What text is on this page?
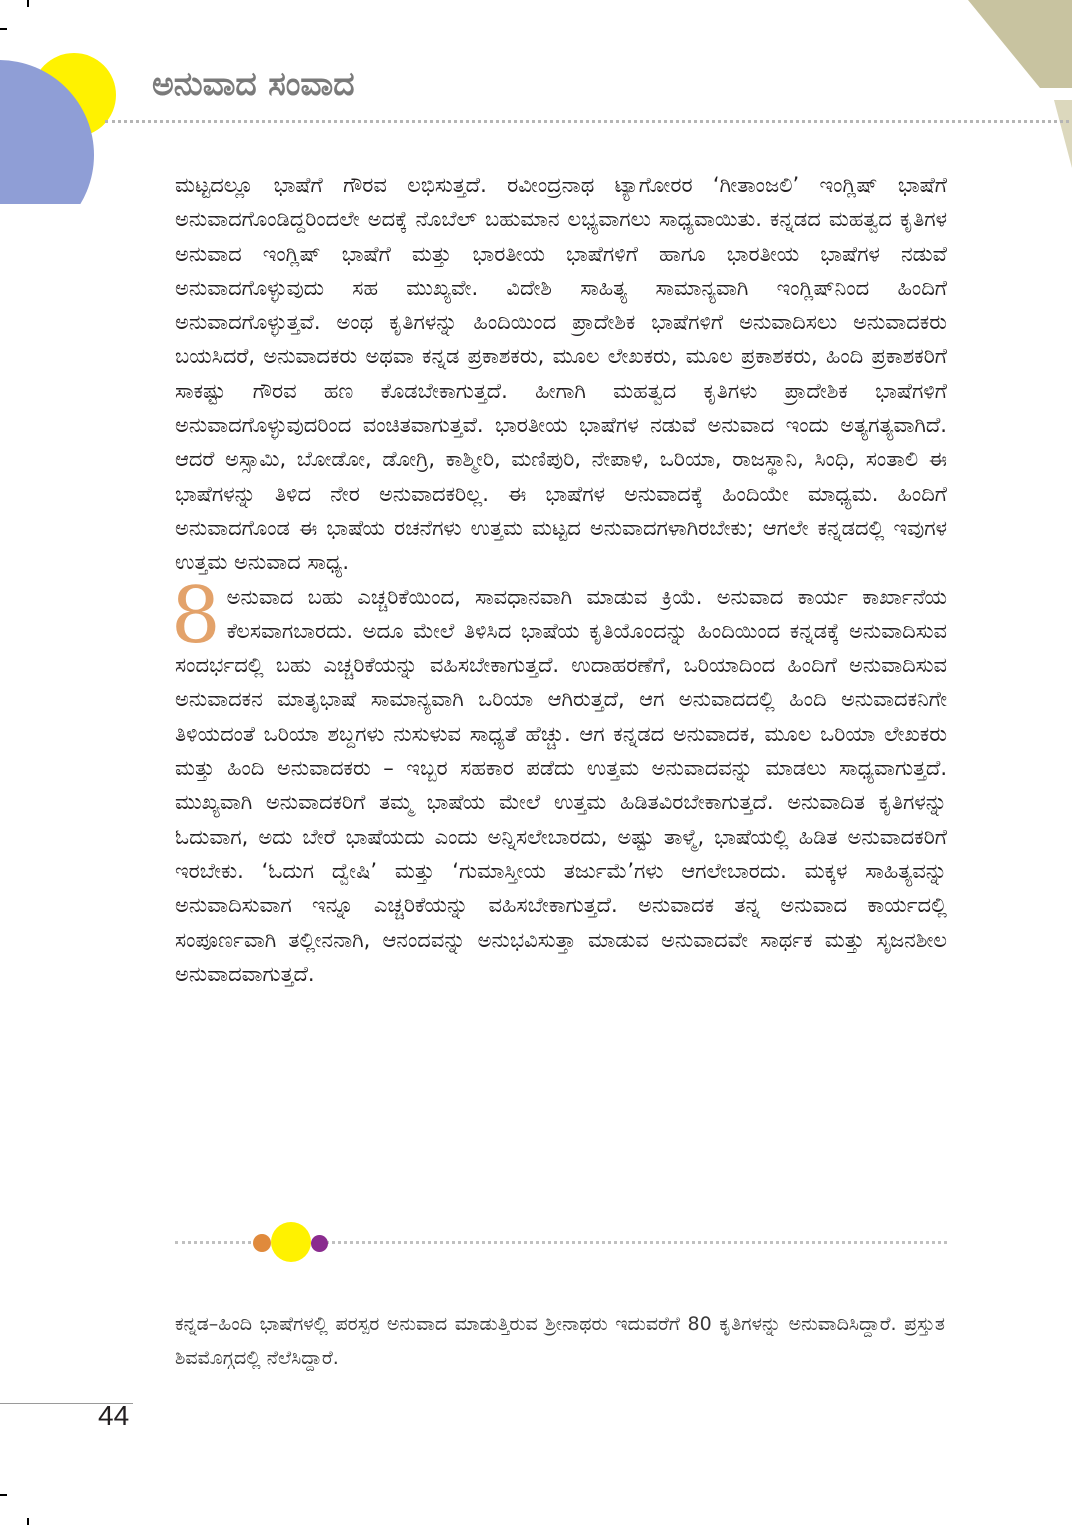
ಅನುವಾದ ಸಂವಾದ

ಮಟ್ಟದಲ್ಲೂ ಭಾಷೆಗೆ ಗೌರವ ಲಭಿಸುತ್ತದೆ. ರವೀಂದ್ರನಾಥ ಟ್ಯಾಗೋರರ ‘ಗೀತಾಂಜಲಿ’ ಇಂಗ್ಲಿಷ್ ಭಾಷೆಗೆ ಅನುವಾದಗೊಂಡಿದ್ದರಿಂದಲೇ ಅದಕ್ಕೆ ನೊಬೆಲ್ ಬಹುಮಾನ ಲಭ್ಯವಾಗಲು ಸಾಧ್ಯವಾಯಿತು. ಕನ್ನಡದ ಮಹತ್ವದ ಕೃತಿಗಳ ಅನುವಾದ ಇಂಗ್ಲಿಷ್ ಭಾಷೆಗೆ ಮತ್ತು ಭಾರತೀಯ ಭಾಷೆಗಳಿಗೆ ಹಾಗೂ ಭಾರತೀಯ ಭಾಷೆಗಳ ನಡುವೆ ಅನುವಾದಗೊಳ್ಳುವುದು ಸಹ ಮುಖ್ಯವೇ. ವಿದೇಶಿ ಸಾಹಿತ್ಯ ಸಾಮಾನ್ಯವಾಗಿ ಇಂಗ್ಲಿಷ್‌ನಿಂದ ಹಿಂದಿಗೆ ಅನುವಾದಗೊಳ್ಳುತ್ತವೆ. ಅಂಥ ಕೃತಿಗಳನ್ನು ಹಿಂದಿಯಿಂದ ಪ್ರಾದೇಶಿಕ ಭಾಷೆಗಳಿಗೆ ಅನುವಾದಿಸಲು ಅನುವಾದಕರು ಬಯಸಿದರೆ, ಅನುವಾದಕರು ಅಥವಾ ಕನ್ನಡ ಪ್ರಕಾಶಕರು, ಮೂಲ ಲೇಖಕರು, ಮೂಲ ಪ್ರಕಾಶಕರು, ಹಿಂದಿ ಪ್ರಕಾಶಕರಿಗೆ ಸಾಕಷ್ಟು ಗೌರವ ಹಣ ಕೊಡಬೇಕಾಗುತ್ತದೆ. ಹೀಗಾಗಿ ಮಹತ್ವದ ಕೃತಿಗಳು ಪ್ರಾದೇಶಿಕ ಭಾಷೆಗಳಿಗೆ ಅನುವಾದಗೊಳ್ಳುವುದರಿಂದ ವಂಚಿತವಾಗುತ್ತವೆ. ಭಾರತೀಯ ಭಾಷೆಗಳ ನಡುವೆ ಅನುವಾದ ಇಂದು ಅತ್ಯಗತ್ಯವಾಗಿದೆ. ಆದರೆ ಅಸ್ಸಾಮಿ, ಬೋಡೋ, ಡೋಗ್ರಿ, ಕಾಶ್ಮೀರಿ, ಮಣಿಪುರಿ, ನೇಪಾಳಿ, ಒರಿಯಾ, ರಾಜಸ್ಥಾನಿ, ಸಿಂಧಿ, ಸಂತಾಲಿ ಈ ಭಾಷೆಗಳನ್ನು ತಿಳಿದ ನೇರ ಅನುವಾದಕರಿಲ್ಲ. ಈ ಭಾಷೆಗಳ ಅನುವಾದಕ್ಕೆ ಹಿಂದಿಯೇ ಮಾಧ್ಯಮ. ಹಿಂದಿಗೆ ಅನುವಾದಗೊಂಡ ಈ ಭಾಷೆಯ ರಚನೆಗಳು ಉತ್ತಮ ಮಟ್ಟದ ಅನುವಾದಗಳಾಗಿರಬೇಕು; ಆಗಲೇ ಕನ್ನಡದಲ್ಲಿ ಇವುಗಳ ಉತ್ತಮ ಅನುವಾದ ಸಾಧ್ಯ.

8 ಅನುವಾದ ಬಹು ಎಚ್ಚರಿಕೆಯಿಂದ, ಸಾವಧಾನವಾಗಿ ಮಾಡುವ ಕ್ರಿಯೆ. ಅನುವಾದ ಕಾರ್ಯ ಕಾರ್ಖಾನೆಯ ಕೆಲಸವಾಗಬಾರದು. ಅದೂ ಮೇಲೆ ತಿಳಿಸಿದ ಭಾಷೆಯ ಕೃತಿಯೊಂದನ್ನು ಹಿಂದಿಯಿಂದ ಕನ್ನಡಕ್ಕೆ ಅನುವಾದಿಸುವ ಸಂದರ್ಭದಲ್ಲಿ ಬಹು ಎಚ್ಚರಿಕೆಯನ್ನು ವಹಿಸಬೇಕಾಗುತ್ತದೆ. ಉದಾಹರಣೆಗೆ, ಒರಿಯಾದಿಂದ ಹಿಂದಿಗೆ ಅನುವಾದಿಸುವ ಅನುವಾದಕನ ಮಾತೃಭಾಷೆ ಸಾಮಾನ್ಯವಾಗಿ ಒರಿಯಾ ಆಗಿರುತ್ತದೆ, ಆಗ ಅನುವಾದದಲ್ಲಿ ಹಿಂದಿ ಅನುವಾದಕನಿಗೇ ತಿಳಿಯದಂತೆ ಒರಿಯಾ ಶಬ್ದಗಳು ನುಸುಳುವ ಸಾಧ್ಯತೆ ಹೆಚ್ಚು. ಆಗ ಕನ್ನಡದ ಅನುವಾದಕ, ಮೂಲ ಒರಿಯಾ ಲೇಖಕರು ಮತ್ತು ಹಿಂದಿ ಅನುವಾದಕರು – ಇಬ್ಬರ ಸಹಕಾರ ಪಡೆದು ಉತ್ತಮ ಅನುವಾದವನ್ನು ಮಾಡಲು ಸಾಧ್ಯವಾಗುತ್ತದೆ. ಮುಖ್ಯವಾಗಿ ಅನುವಾದಕರಿಗೆ ತಮ್ಮ ಭಾಷೆಯ ಮೇಲೆ ಉತ್ತಮ ಹಿಡಿತವಿರಬೇಕಾಗುತ್ತದೆ. ಅನುವಾದಿತ ಕೃತಿಗಳನ್ನು ಓದುವಾಗ, ಅದು ಬೇರೆ ಭಾಷೆಯದು ಎಂದು ಅನ್ನಿಸಲೇಬಾರದು, ಅಷ್ಟು ತಾಳ್ಮೆ, ಭಾಷೆಯಲ್ಲಿ ಹಿಡಿತ ಅನುವಾದಕರಿಗೆ ಇರಬೇಕು. ‘ಓದುಗ ದ್ವೇಷಿ’ ಮತ್ತು ‘ಗುಮಾಸ್ತೀಯ ತರ್ಜುಮೆ’ಗಳು ಆಗಲೇಬಾರದು. ಮಕ್ಕಳ ಸಾಹಿತ್ಯವನ್ನು ಅನುವಾದಿಸುವಾಗ ಇನ್ನೂ ಎಚ್ಚರಿಕೆಯನ್ನು ವಹಿಸಬೇಕಾಗುತ್ತದೆ. ಅನುವಾದಕ ತನ್ನ ಅನುವಾದ ಕಾರ್ಯದಲ್ಲಿ ಸಂಪೂರ್ಣವಾಗಿ ತಲ್ಲೀನನಾಗಿ, ಆನಂದವನ್ನು ಅನುಭವಿಸುತ್ತಾ ಮಾಡುವ ಅನುವಾದವೇ ಸಾರ್ಥಕ ಮತ್ತು ಸೃಜನಶೀಲ ಅನುವಾದವಾಗುತ್ತದೆ.

ಕನ್ನಡ–ಹಿಂದಿ ಭಾಷೆಗಳಲ್ಲಿ ಪರಸ್ಪರ ಅನುವಾದ ಮಾಡುತ್ತಿರುವ ಶ್ರೀನಾಥರು ಇದುವರೆಗೆ 80 ಕೃತಿಗಳನ್ನು ಅನುವಾದಿಸಿದ್ದಾರೆ. ಪ್ರಸ್ತುತ ಶಿವಮೊಗ್ಗದಲ್ಲಿ ನೆಲೆಸಿದ್ದಾರೆ.

44
